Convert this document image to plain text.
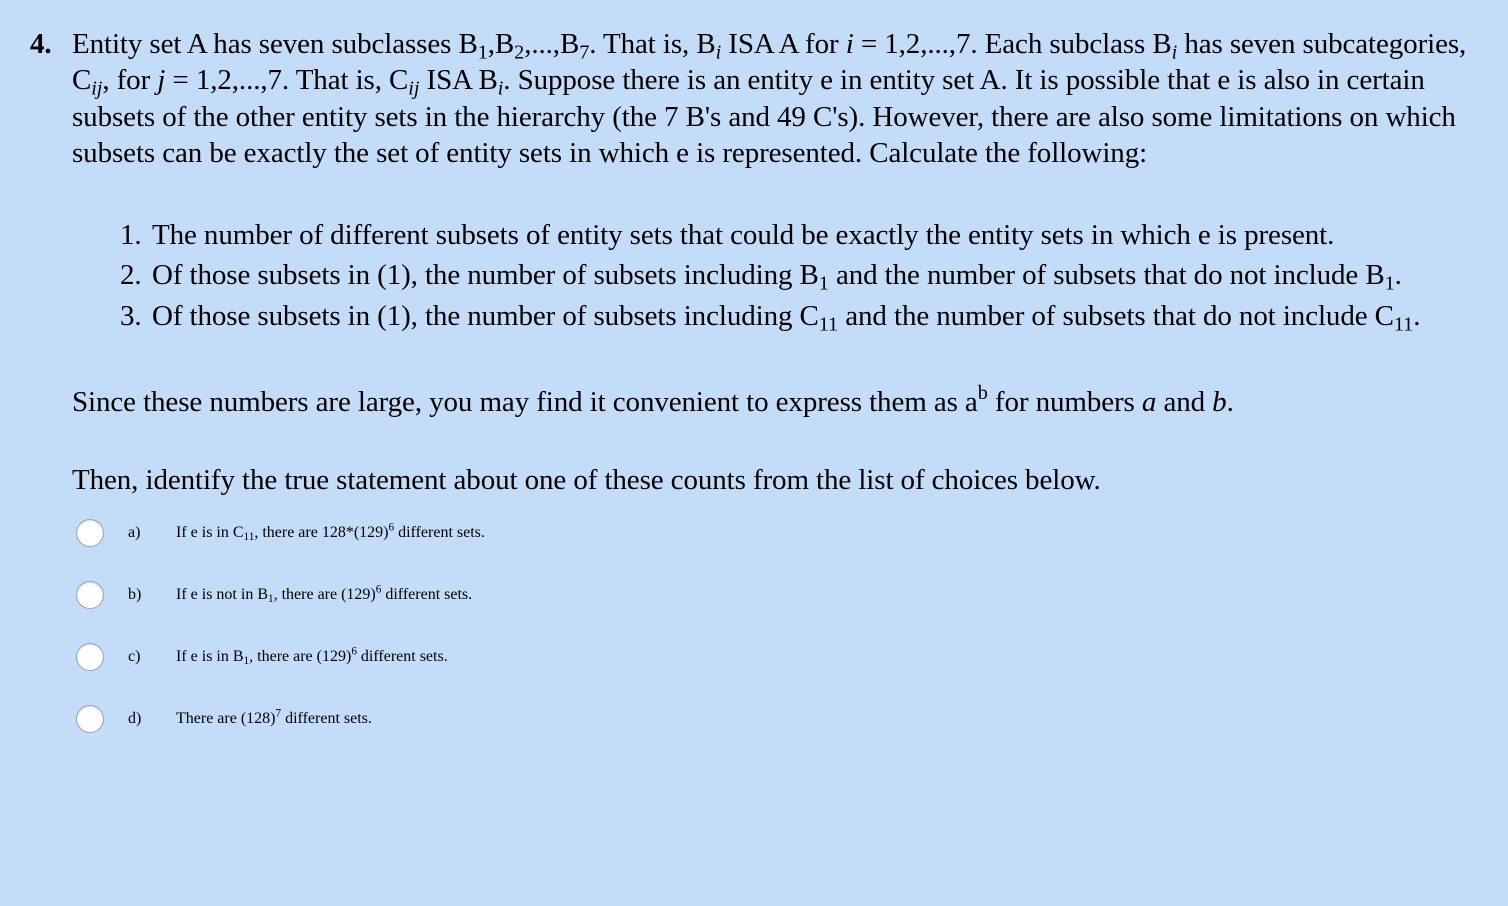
4. Entity set A has seven subclasses $B_1,B_2,...,B_7$. That is, $B_i$ ISA A for i = 1,2,...,7. Each subclass $B_i$ has seven subcategories, $C_{ij}$, for j = 1,2,...,7. That is, $C_{ij}$ ISA $B_i$. Suppose there is an entity e in entity set A. It is possible that e is also in certain subsets of the other entity sets in the hierarchy (the 7 B's and 49 C's). However, there are also some limitations on which subsets can be exactly the set of entity sets in which e is represented. Calculate the following:

1. The number of different subsets of entity sets that could be exactly the entity sets in which e is present.
2. Of those subsets in (1), the number of subsets including $B_1$ and the number of subsets that do not include $B_1$.
3. Of those subsets in (1), the number of subsets including $C_{11}$ and the number of subsets that do not include $C_{11}$.

Since these numbers are large, you may find it convenient to express them as $a^b$ for numbers a and b.

Then, identify the true statement about one of these counts from the list of choices below.

a)	If e is in $C_{11}$, there are $128*(129)^6$ different sets.
b)	If e is not in $B_1$, there are $(129)^6$ different sets.
c)	If e is in $B_1$, there are $(129)^6$ different sets.
d)	There are $(128)^7$ different sets.
